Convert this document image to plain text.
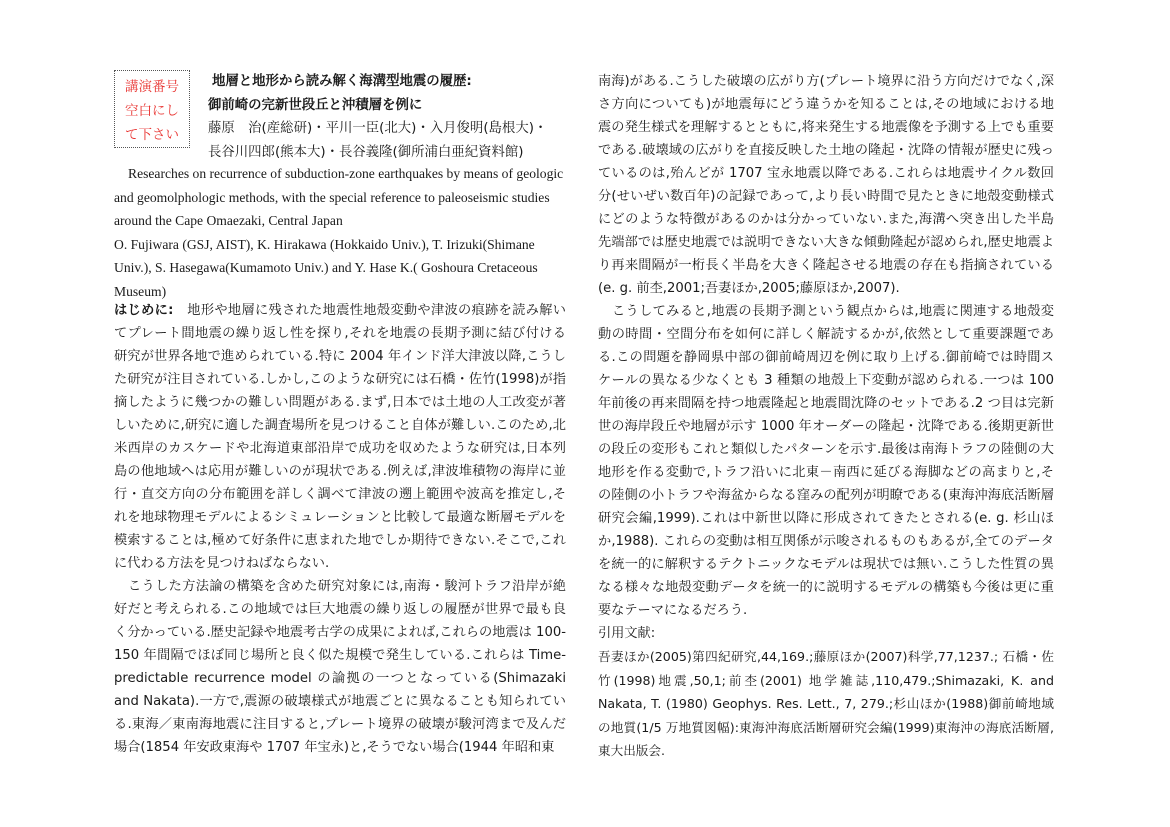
講演番号
空白にし
て下さい
地層と地形から読み解く海溝型地震の履歴:
御前崎の完新世段丘と沖積層を例に
藤原　治(産総研)・平川一臣(北大)・入月俊明(島根大)・
長谷川四郎(熊本大)・長谷義隆(御所浦白亜紀資料館)

Researches on recurrence of subduction-zone earthquakes by means of geologic and geomolphologic methods, with the special reference to paleoseismic studies around the Cape Omaezaki, Central Japan

O. Fujiwara (GSJ, AIST), K. Hirakawa (Hokkaido Univ.), T. Irizuki(Shimane Univ.), S. Hasegawa(Kumamoto Univ.) and Y. Hase K.( Goshoura Cretaceous Museum)

はじめに:　地形や地層に残された地震性地殻変動や津波の痕跡を読み解いてプレート間地震の繰り返し性を探り,それを地震の長期予測に結び付ける研究が世界各地で進められている.特に 2004 年インド洋大津波以降,こうした研究が注目されている.しかし,このような研究には石橋・佐竹(1998)が指摘したように幾つかの難しい問題がある.まず,日本では土地の人工改変が著しいために,研究に適した調査場所を見つけること自体が難しい.このため,北米西岸のカスケードや北海道東部沿岸で成功を収めたような研究は,日本列島の他地域へは応用が難しいのが現状である.例えば,津波堆積物の海岸に並行・直交方向の分布範囲を詳しく調べて津波の遡上範囲や波高を推定し,それを地球物理モデルによるシミュレーションと比較して最適な断層モデルを模索することは,極めて好条件に恵まれた地でしか期待できない.そこで,これに代わる方法を見つけねばならない.

こうした方法論の構築を含めた研究対象には,南海・駿河トラフ沿岸が絶好だと考えられる.この地域では巨大地震の繰り返しの履歴が世界で最も良く分かっている.歴史記録や地震考古学の成果によれば,これらの地震は 100-150 年間隔でほぼ同じ場所と良く似た規模で発生している.これらは Time-predictable recurrence model の論拠の一つとなっている(Shimazaki and Nakata).一方で,震源の破壊様式が地震ごとに異なることも知られている.東海／東南海地震に注目すると,プレート境界の破壊が駿河湾まで及んだ場合(1854 年安政東海や 1707 年宝永)と,そうでない場合(1944 年昭和東

南海)がある.こうした破壊の広がり方(プレート境界に沿う方向だけでなく,深さ方向についても)が地震毎にどう違うかを知ることは,その地域における地震の発生様式を理解するとともに,将来発生する地震像を予測する上でも重要である.破壊域の広がりを直接反映した土地の隆起・沈降の情報が歴史に残っているのは,殆んどが 1707 宝永地震以降である.これらは地震サイクル数回分(せいぜい数百年)の記録であって,より長い時間で見たときに地殻変動様式にどのような特徴があるのかは分かっていない.また,海溝へ突き出した半島先端部では歴史地震では説明できない大きな傾動隆起が認められ,歴史地震より再来間隔が一桁長く半島を大きく隆起させる地震の存在も指摘されている(e. g. 前杢,2001;吾妻ほか,2005;藤原ほか,2007).

こうしてみると,地震の長期予測という観点からは,地震に関連する地殻変動の時間・空間分布を如何に詳しく解読するかが,依然として重要課題である.この問題を静岡県中部の御前崎周辺を例に取り上げる.御前崎では時間スケールの異なる少なくとも 3 種類の地殻上下変動が認められる.一つは 100 年前後の再来間隔を持つ地震隆起と地震間沈降のセットである.2 つ目は完新世の海岸段丘や地層が示す 1000 年オーダーの隆起・沈降である.後期更新世の段丘の変形もこれと類似したパターンを示す.最後は南海トラフの陸側の大地形を作る変動で,トラフ沿いに北東－南西に延びる海脚などの高まりと,その陸側の小トラフや海盆からなる窪みの配列が明瞭である(東海沖海底活断層研究会編,1999).これは中新世以降に形成されてきたとされる(e. g. 杉山ほか,1988). これらの変動は相互関係が示唆されるものもあるが,全てのデータを統一的に解釈するテクトニックなモデルは現状では無い.こうした性質の異なる様々な地殻変動データを統一的に説明するモデルの構築も今後は更に重要なテーマになるだろう.

引用文献:

吾妻ほか(2005)第四紀研究,44,169.;藤原ほか(2007)科学,77,1237.; 石橋・佐竹(1998)地震,50,1;前杢(2001) 地学雑誌,110,479.;Shimazaki, K. and Nakata, T. (1980) Geophys. Res. Lett., 7, 279.;杉山ほか(1988)御前崎地域の地質(1/5 万地質図幅):東海沖海底活断層研究会編(1999)東海沖の海底活断層,東大出版会.
